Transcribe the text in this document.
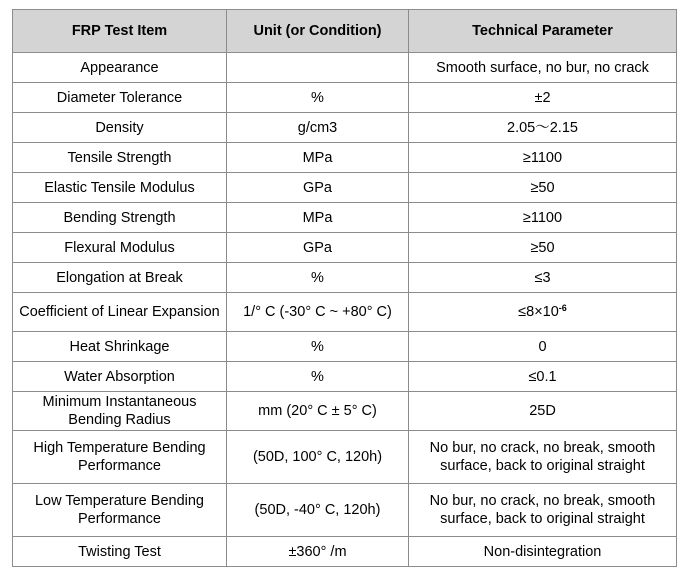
FRP Test Item	Unit (or Condition)	Technical Parameter
Appearance		Smooth surface, no bur, no crack
Diameter Tolerance	%	±2
Density	g/cm3	2.05～2.15
Tensile Strength	MPa	≥1100
Elastic Tensile Modulus	GPa	≥50
Bending Strength	MPa	≥1100
Flexural Modulus	GPa	≥50
Elongation at Break	%	≤3
Coefficient of Linear Expansion	1/° C (-30° C ~ +80° C)	$\le 8\times 10^{-6}$
Heat Shrinkage	%	0
Water Absorption	%	≤0.1
Minimum Instantaneous Bending Radius	mm (20° C ± 5° C)	25D
High Temperature Bending Performance	(50D, 100° C, 120h)	No bur, no crack, no break, smooth surface, back to original straight
Low Temperature Bending Performance	(50D, -40° C, 120h)	No bur, no crack, no break, smooth surface, back to original straight
Twisting Test	±360° /m	Non-disintegration
